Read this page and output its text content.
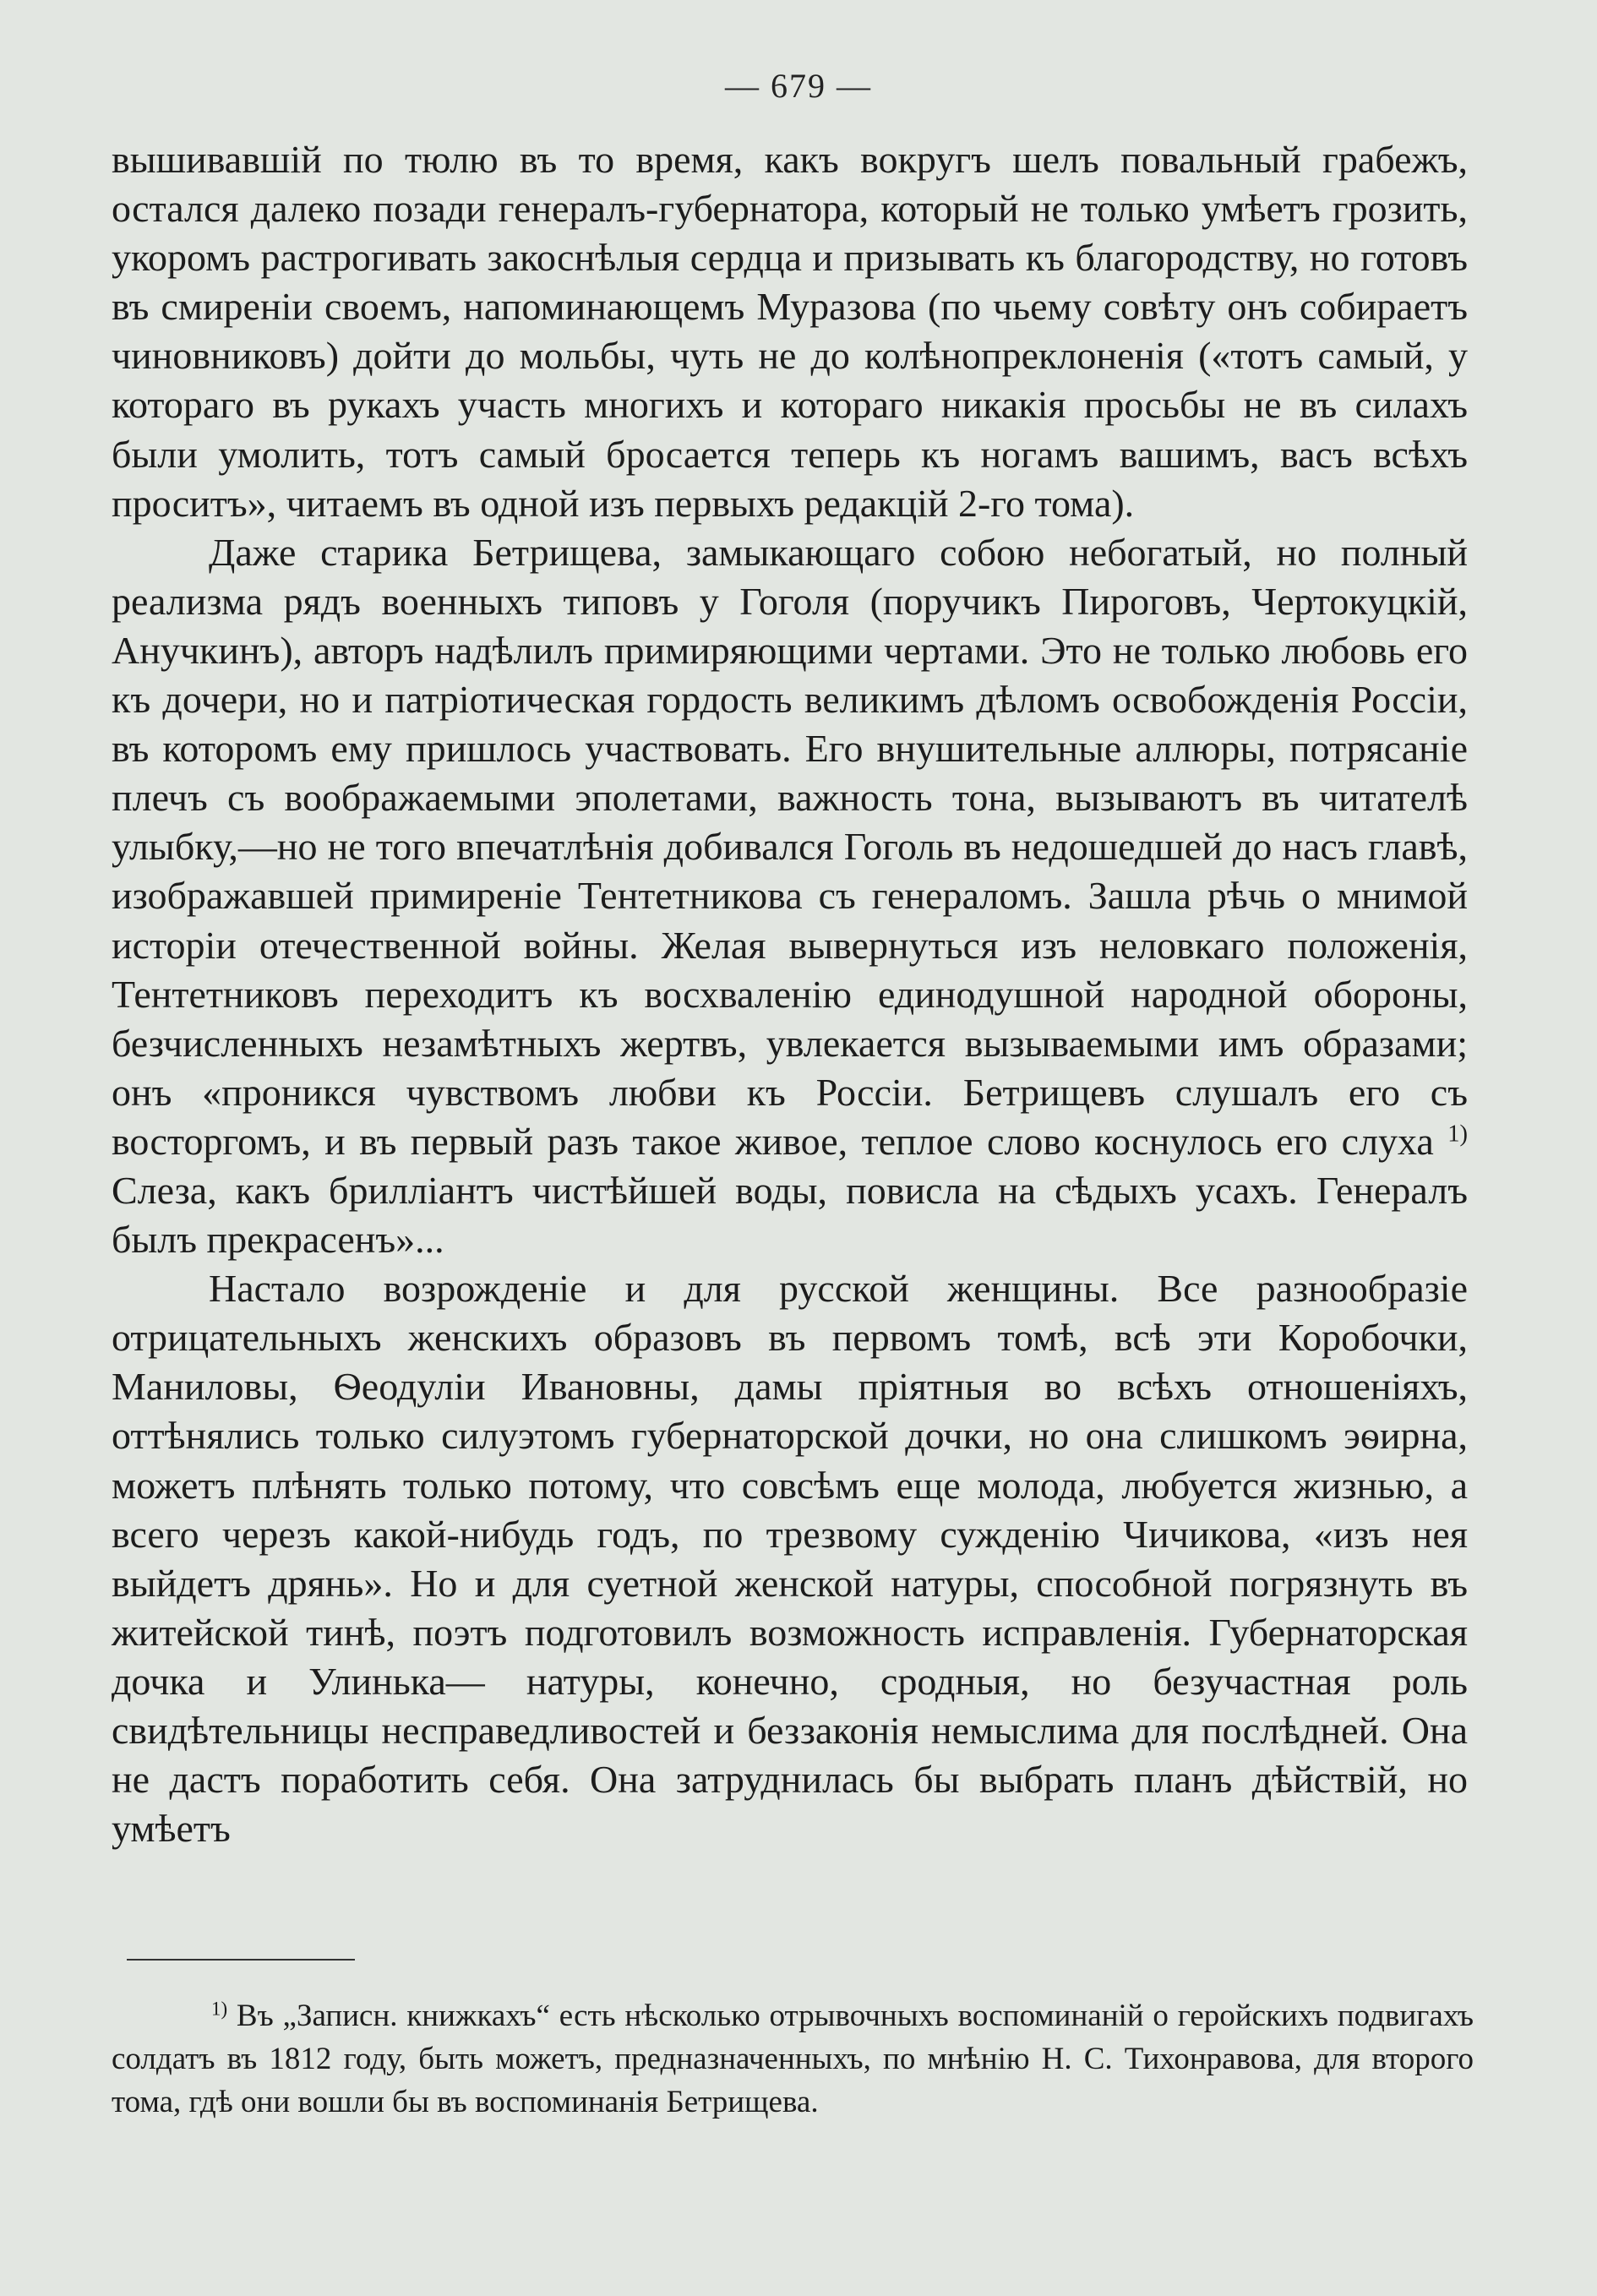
— 679 —

вышивавшій по тюлю въ то время, какъ вокругъ шелъ повальный грабежъ, остался далеко позади генералъ-губернатора, который не только умѣетъ грозить, укоромъ растрогивать закоснѣлыя сердца и призывать къ благородству, но готовъ въ смиреніи своемъ, напоминающемъ Муразова (по чьему совѣту онъ собираетъ чиновниковъ) дойти до мольбы, чуть не до колѣнопреклоненія («тотъ самый, у котораго въ рукахъ участь многихъ и котораго никакія просьбы не въ силахъ были умолить, тотъ самый бросается теперь къ ногамъ вашимъ, васъ всѣхъ проситъ», читаемъ въ одной изъ первыхъ редакцій 2-го тома).

Даже старика Бетрищева, замыкающаго собою небогатый, но полный реализма рядъ военныхъ типовъ у Гоголя (поручикъ Пироговъ, Чертокуцкій, Анучкинъ), авторъ надѣлилъ примиряющими чертами. Это не только любовь его къ дочери, но и патріотическая гордость великимъ дѣломъ освобожденія Россіи, въ которомъ ему пришлось участвовать. Его внушительные аллюры, потрясаніе плечъ съ воображаемыми эполетами, важность тона, вызываютъ въ читателѣ улыбку,—но не того впечатлѣнія добивался Гоголь въ недошедшей до насъ главѣ, изображавшей примиреніе Тентетникова съ генераломъ. Зашла рѣчь о мнимой исторіи отечественной войны. Желая вывернуться изъ неловкаго положенія, Тентетниковъ переходитъ къ восхваленію единодушной народной обороны, безчисленныхъ незамѣтныхъ жертвъ, увлекается вызываемыми имъ образами; онъ «проникся чувствомъ любви къ Россіи. Бетрищевъ слушалъ его съ восторгомъ, и въ первый разъ такое живое, теплое слово коснулось его слуха $^{1)}$ Слеза, какъ брилліантъ чистѣйшей воды, повисла на сѣдыхъ усахъ. Генералъ былъ прекрасенъ»...

Настало возрожденіе и для русской женщины. Все разнообразіе отрицательныхъ женскихъ образовъ въ первомъ томѣ, всѣ эти Коробочки, Маниловы, Ѳеодуліи Ивановны, дамы пріятныя во всѣхъ отношеніяхъ, оттѣнялись только силуэтомъ губернаторской дочки, но она слишкомъ эѳирна, можетъ плѣнять только потому, что совсѣмъ еще молода, любуется жизнью, а всего черезъ какой-нибудь годъ, по трезвому сужденію Чичикова, «изъ нея выйдетъ дрянь». Но и для суетной женской натуры, способной погрязнуть въ житейской тинѣ, поэтъ подготовилъ возможность исправленія. Губернаторская дочка и Улинька— натуры, конечно, сродныя, но безучастная роль свидѣтельницы несправедливостей и беззаконія немыслима для послѣдней. Она не дастъ поработить себя. Она затруднилась бы выбрать планъ дѣйствій, но умѣетъ

$^{1)}$ Въ „Записн. книжкахъ“ есть нѣсколько отрывочныхъ воспоминаній о геройскихъ подвигахъ солдатъ въ 1812 году, быть можетъ, предназначенныхъ, по мнѣнію Н. С. Тихонравова, для второго тома, гдѣ они вошли бы въ воспоминанія Бетрищева.
